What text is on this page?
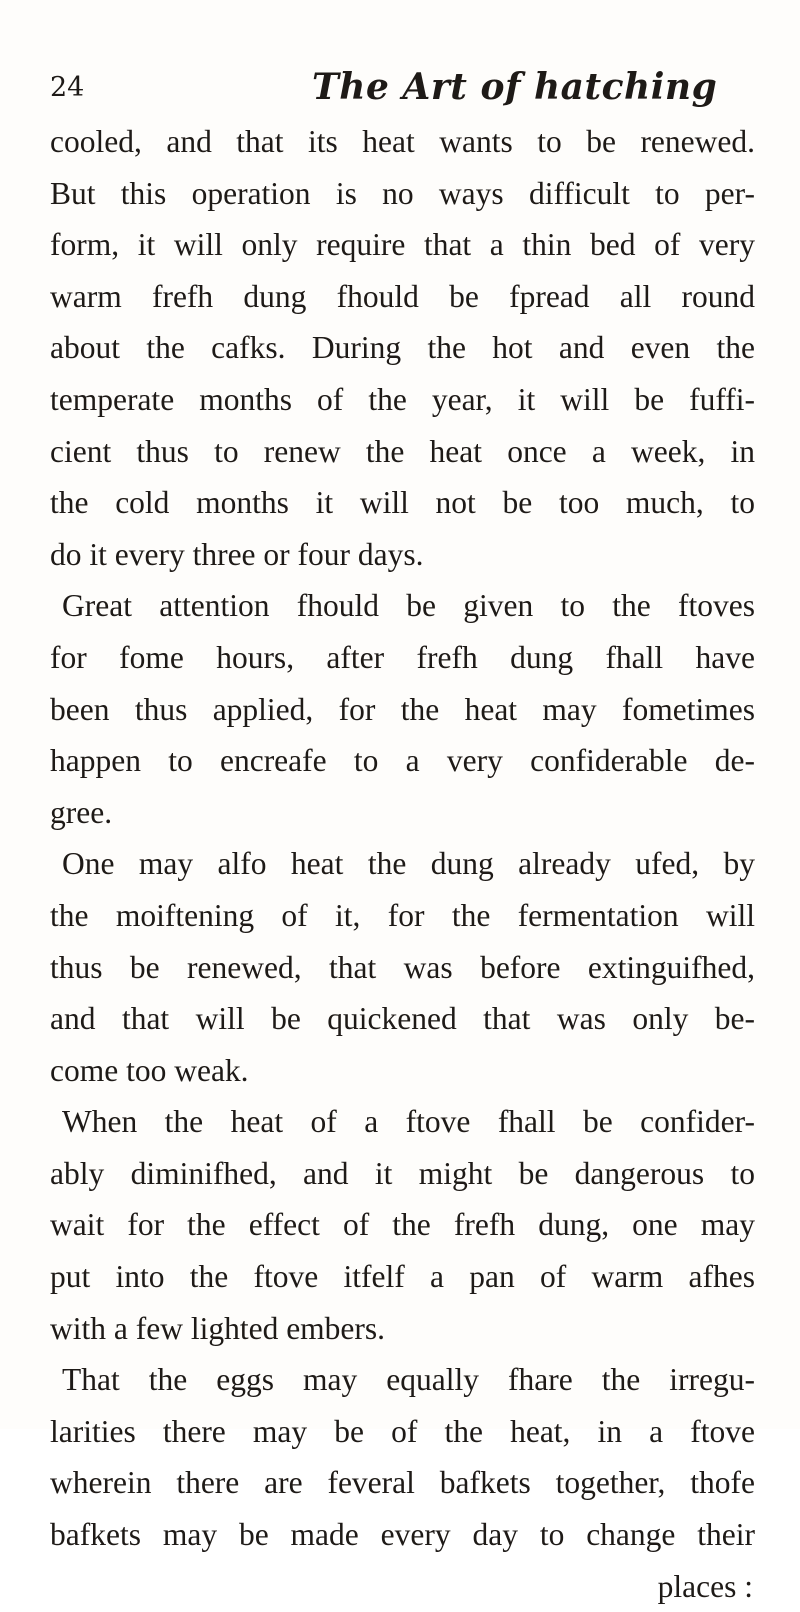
24	The Art of hatching
cooled, and that its heat wants to be renewed.
But this operation is no ways difficult to per-
form, it will only require that a thin bed of very
warm frefh dung fhould be fpread all round
about the cafks. During the hot and even the
temperate months of the year, it will be fuffi-
cient thus to renew the heat once a week, in
the cold months it will not be too much, to
do it every three or four days.
Great attention fhould be given to the ftoves
for fome hours, after frefh dung fhall have
been thus applied, for the heat may fometimes
happen to encreafe to a very confiderable de-
gree.
One may alfo heat the dung already ufed, by
the moiftening of it, for the fermentation will
thus be renewed, that was before extinguifhed,
and that will be quickened that was only be-
come too weak.
When the heat of a ftove fhall be confider-
ably diminifhed, and it might be dangerous to
wait for the effect of the frefh dung, one may
put into the ftove itfelf a pan of warm afhes
with a few lighted embers.
That the eggs may equally fhare the irregu-
larities there may be of the heat, in a ftove
wherein there are feveral bafkets together, thofe
bafkets may be made every day to change their
places :
